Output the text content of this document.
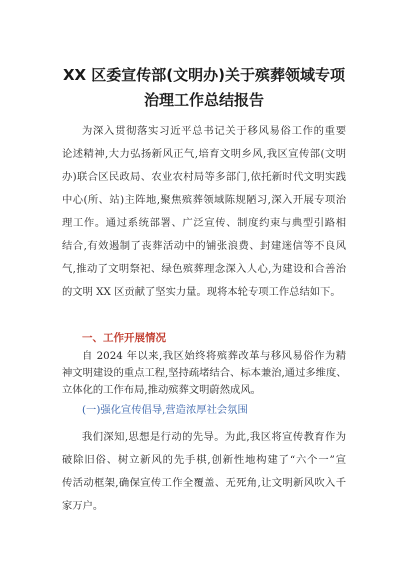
XX 区委宣传部(文明办)关于殡葬领域专项
治理工作总结报告
为深入贯彻落实习近平总书记关于移风易俗工作的重要
论述精神,大力弘扬新风正气,培育文明乡风,我区宣传部(文明
办)联合区民政局、农业农村局等多部门,依托新时代文明实践
中心(所、站)主阵地,聚焦殡葬领域陈规陋习,深入开展专项治
理工作。通过系统部署、广泛宣传、制度约束与典型引路相
结合,有效遏制了丧葬活动中的铺张浪费、封建迷信等不良风
气,推动了文明祭祀、绿色殡葬理念深入人心,为建设和合善治
的文明 XX 区贡献了坚实力量。现将本轮专项工作总结如下。
一、工作开展情况
自 2024 年以来,我区始终将殡葬改革与移风易俗作为精
神文明建设的重点工程,坚持疏堵结合、标本兼治,通过多维度、
立体化的工作布局,推动殡葬文明蔚然成风。
(一)强化宣传倡导,营造浓厚社会氛围
我们深知,思想是行动的先导。为此,我区将宣传教育作为
破除旧俗、树立新风的先手棋,创新性地构建了“六个一”宣
传活动框架,确保宣传工作全覆盖、无死角,让文明新风吹入千
家万户。
